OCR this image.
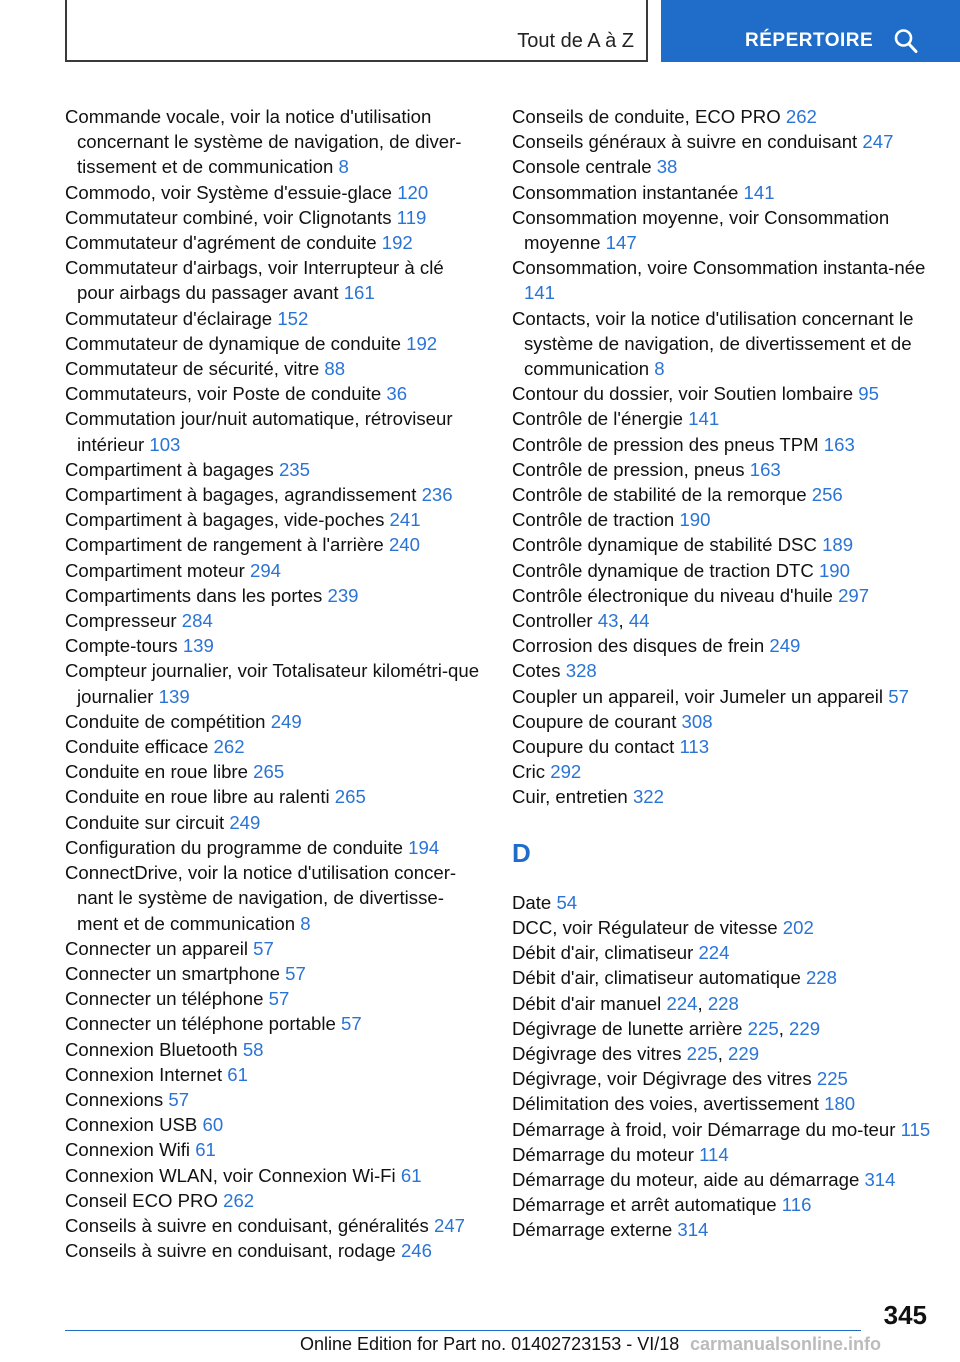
Tout de A à Z	RÉPERTOIRE

Commande vocale, voir la notice d'utilisation concernant le système de navigation, de diver-tissement et de communication 8

Commodo, voir Système d'essuie-glace 120

Commutateur combiné, voir Clignotants 119

Commutateur d'agrément de conduite 192

Commutateur d'airbags, voir Interrupteur à clé pour airbags du passager avant 161

Commutateur d'éclairage 152

Commutateur de dynamique de conduite 192

Commutateur de sécurité, vitre 88

Commutateurs, voir Poste de conduite 36

Commutation jour/nuit automatique, rétroviseur intérieur 103

Compartiment à bagages 235

Compartiment à bagages, agrandissement 236

Compartiment à bagages, vide-poches 241

Compartiment de rangement à l'arrière 240

Compartiment moteur 294

Compartiments dans les portes 239

Compresseur 284

Compte-tours 139

Compteur journalier, voir Totalisateur kilométri-que journalier 139

Conduite de compétition 249

Conduite efficace 262

Conduite en roue libre 265

Conduite en roue libre au ralenti 265

Conduite sur circuit 249

Configuration du programme de conduite 194

ConnectDrive, voir la notice d'utilisation concer-nant le système de navigation, de divertisse-ment et de communication 8

Connecter un appareil 57

Connecter un smartphone 57

Connecter un téléphone 57

Connecter un téléphone portable 57

Connexion Bluetooth 58

Connexion Internet 61

Connexions 57

Connexion USB 60

Connexion Wifi 61

Connexion WLAN, voir Connexion Wi-Fi 61

Conseil ECO PRO 262

Conseils à suivre en conduisant, généralités 247

Conseils à suivre en conduisant, rodage 246

Conseils de conduite, ECO PRO 262

Conseils généraux à suivre en conduisant 247

Console centrale 38

Consommation instantanée 141

Consommation moyenne, voir Consommation moyenne 147

Consommation, voire Consommation instanta-née 141

Contacts, voir la notice d'utilisation concernant le système de navigation, de divertissement et de communication 8

Contour du dossier, voir Soutien lombaire 95

Contrôle de l'énergie 141

Contrôle de pression des pneus TPM 163

Contrôle de pression, pneus 163

Contrôle de stabilité de la remorque 256

Contrôle de traction 190

Contrôle dynamique de stabilité DSC 189

Contrôle dynamique de traction DTC 190

Contrôle électronique du niveau d'huile 297

Controller 43, 44

Corrosion des disques de frein 249

Cotes 328

Coupler un appareil, voir Jumeler un appareil 57

Coupure de courant 308

Coupure du contact 113

Cric 292

Cuir, entretien 322

D

Date 54

DCC, voir Régulateur de vitesse 202

Débit d'air, climatiseur 224

Débit d'air, climatiseur automatique 228

Débit d'air manuel 224, 228

Dégivrage de lunette arrière 225, 229

Dégivrage des vitres 225, 229

Dégivrage, voir Dégivrage des vitres 225

Délimitation des voies, avertissement 180

Démarrage à froid, voir Démarrage du mo-teur 115

Démarrage du moteur 114

Démarrage du moteur, aide au démarrage 314

Démarrage et arrêt automatique 116

Démarrage externe 314

345
Online Edition for Part no. 01402723153 - VI/18 carmanualsonline.info
